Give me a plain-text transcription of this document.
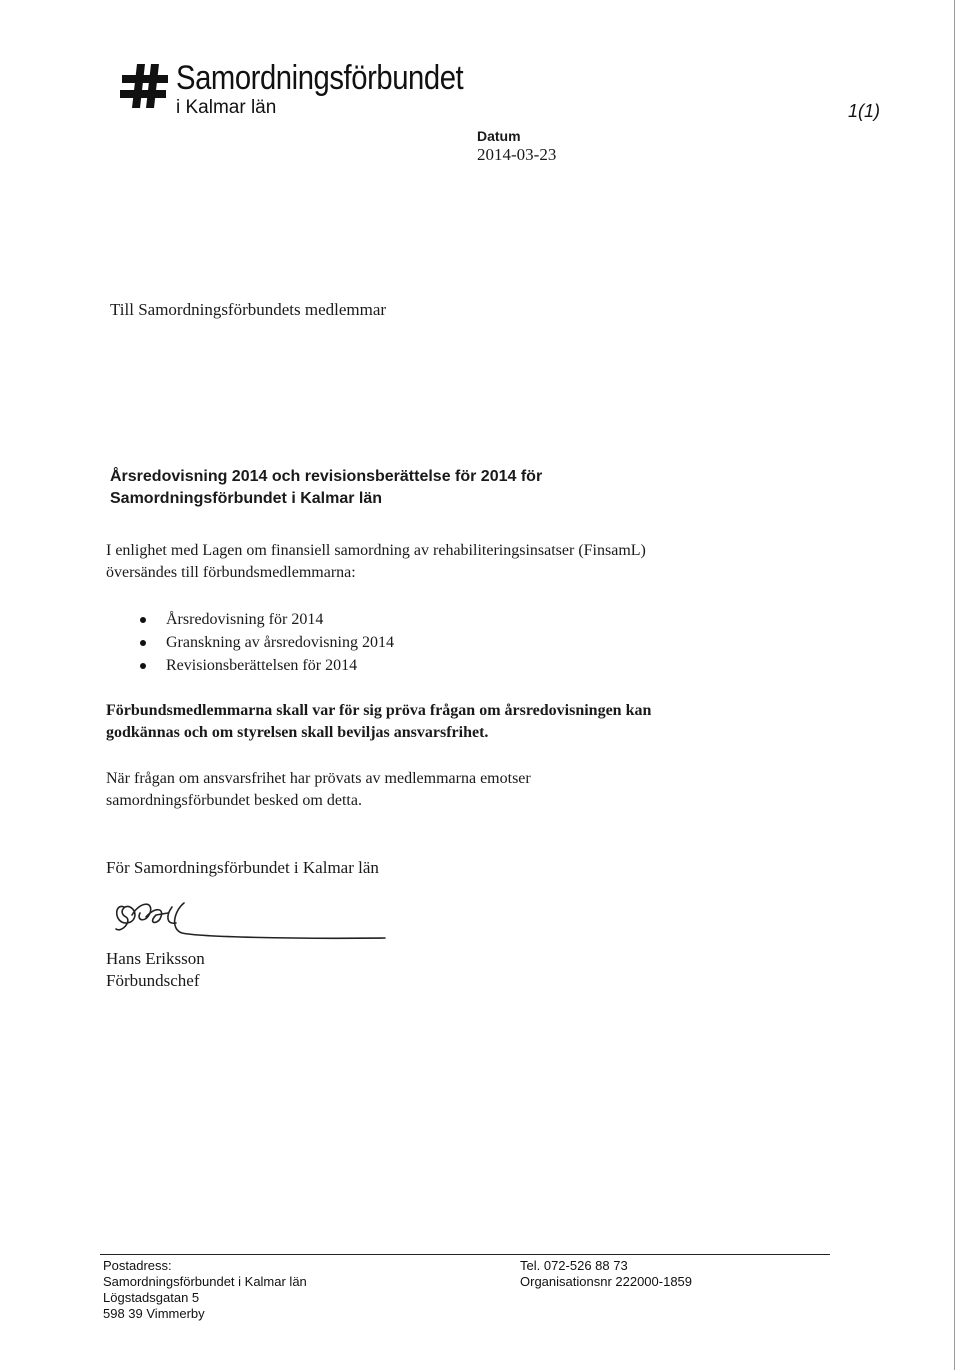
Samordningsförbundet
i Kalmar län	1(1)
Datum
2014-03-23
Till Samordningsförbundets medlemmar
Årsredovisning 2014 och revisionsberättelse för 2014 för
Samordningsförbundet i Kalmar län
I enlighet med Lagen om finansiell samordning av rehabiliteringsinsatser (FinsamL)
översändes till förbundsmedlemmarna:
Årsredovisning för 2014
Granskning av årsredovisning 2014
Revisionsberättelsen för 2014
Förbundsmedlemmarna skall var för sig pröva frågan om årsredovisningen kan
godkännas och om styrelsen skall beviljas ansvarsfrihet.
När frågan om ansvarsfrihet har prövats av medlemmarna emotser
samordningsförbundet besked om detta.
För Samordningsförbundet i Kalmar län
Hans Eriksson
Förbundschef
Postadress:
Samordningsförbundet i Kalmar län
Lögstadsgatan 5
598 39 Vimmerby
Tel. 072-526 88 73
Organisationsnr 222000-1859
